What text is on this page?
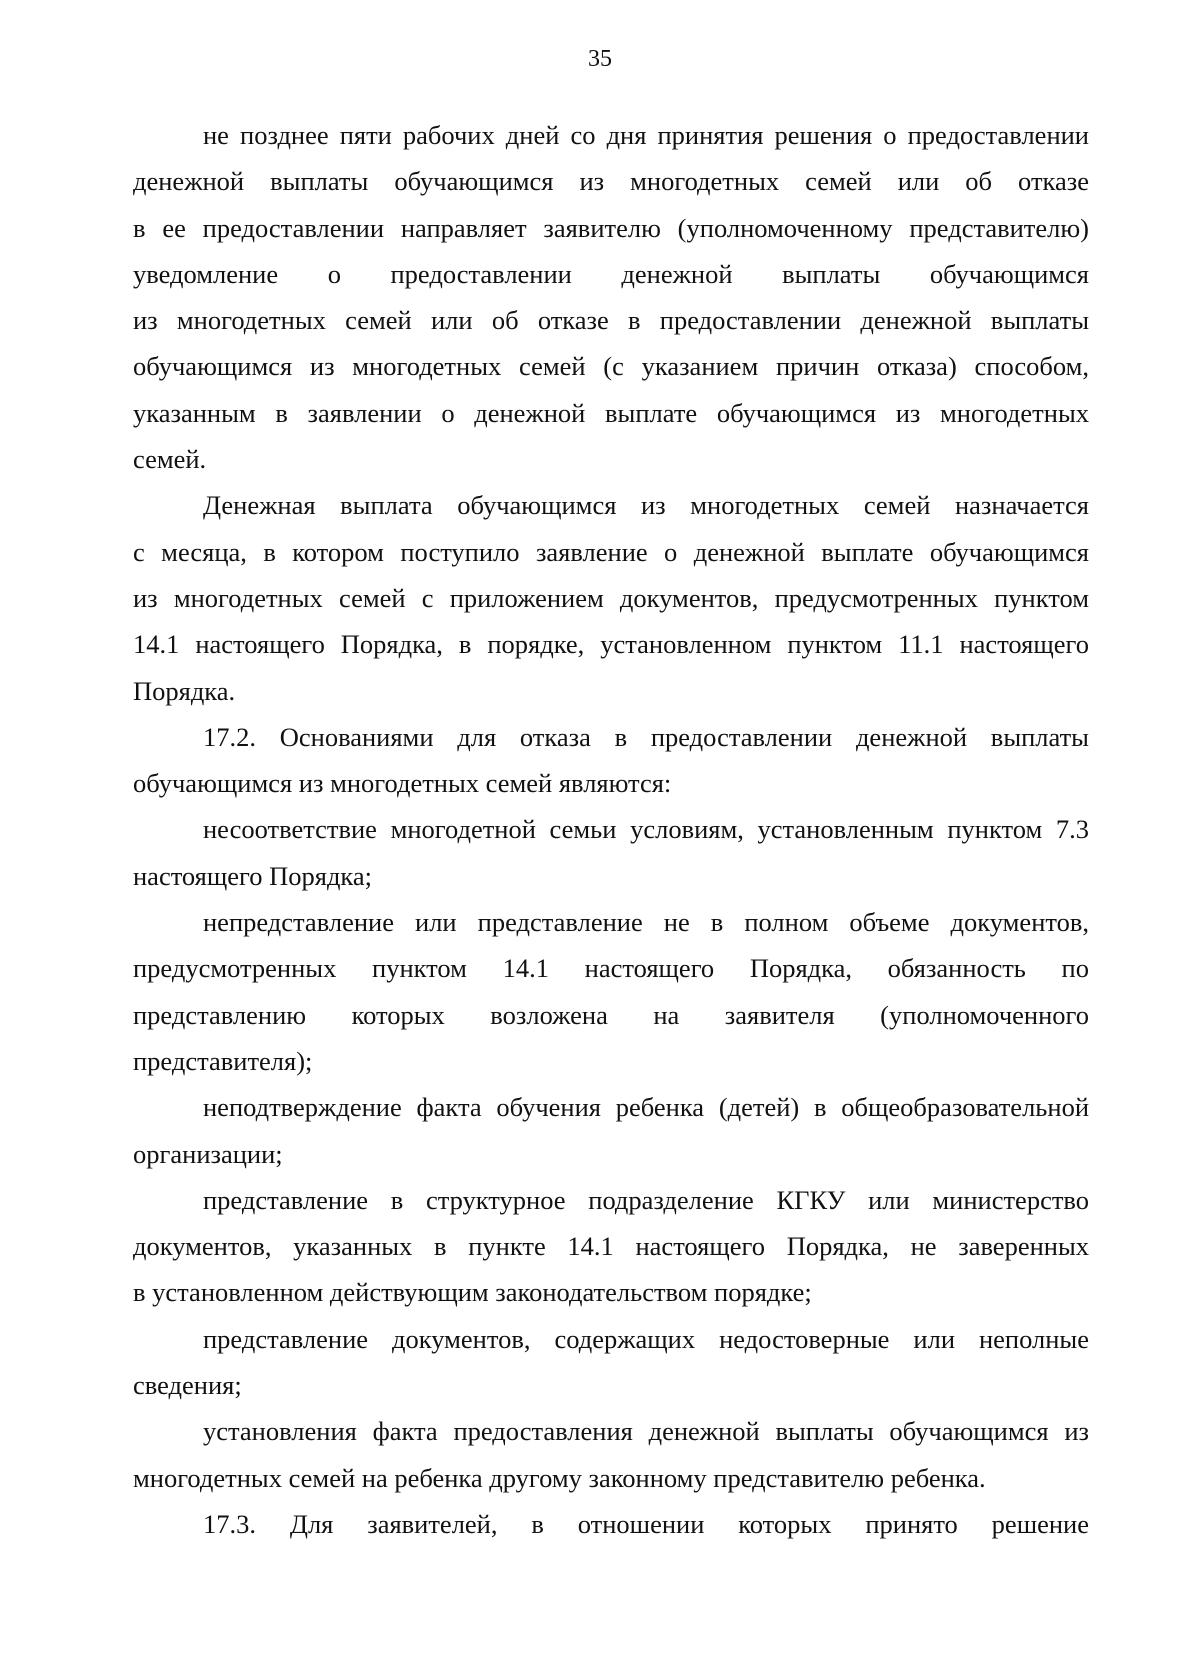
35
не позднее пяти рабочих дней со дня принятия решения о предоставлении
денежной выплаты обучающимся из многодетных семей или об отказе
в ее предоставлении направляет заявителю (уполномоченному представителю)
уведомление о предоставлении денежной выплаты обучающимся
из многодетных семей или об отказе в предоставлении денежной выплаты
обучающимся из многодетных семей (с указанием причин отказа) способом,
указанным в заявлении о денежной выплате обучающимся из многодетных
семей.
Денежная выплата обучающимся из многодетных семей назначается
с месяца, в котором поступило заявление о денежной выплате обучающимся
из многодетных семей с приложением документов, предусмотренных пунктом
14.1 настоящего Порядка, в порядке, установленном пунктом 11.1 настоящего
Порядка.
17.2. Основаниями для отказа в предоставлении денежной выплаты
обучающимся из многодетных семей являются:
несоответствие многодетной семьи условиям, установленным пунктом 7.3
настоящего Порядка;
непредставление или представление не в полном объеме документов,
предусмотренных пунктом 14.1 настоящего Порядка, обязанность по
представлению которых возложена на заявителя (уполномоченного
представителя);
неподтверждение факта обучения ребенка (детей) в общеобразовательной
организации;
представление в структурное подразделение КГКУ или министерство
документов, указанных в пункте 14.1 настоящего Порядка, не заверенных
в установленном действующим законодательством порядке;
представление документов, содержащих недостоверные или неполные
сведения;
установления факта предоставления денежной выплаты обучающимся из
многодетных семей на ребенка другому законному представителю ребенка.
17.3. Для заявителей, в отношении которых принято решение
